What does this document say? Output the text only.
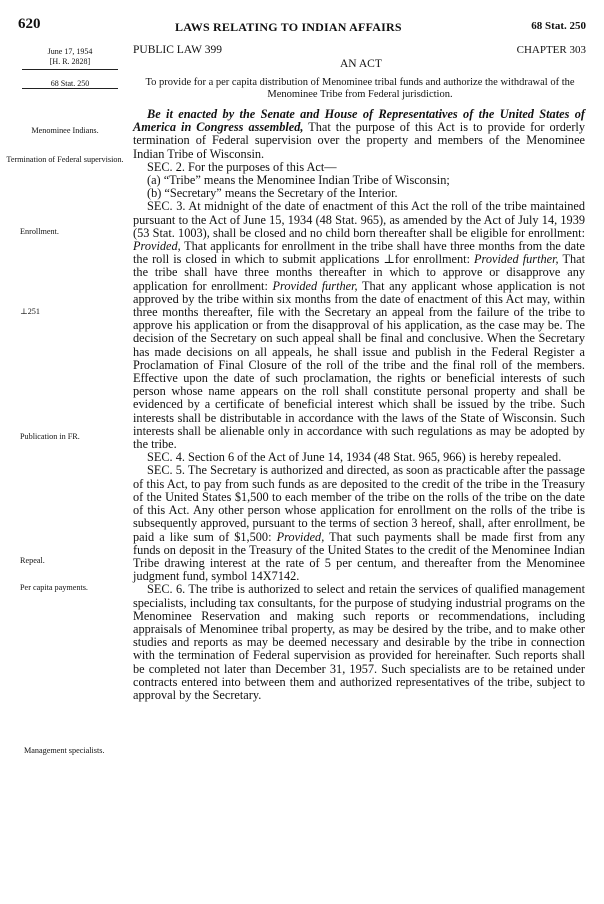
620	LAWS RELATING TO INDIAN AFFAIRS	68 Stat. 250
PUBLIC LAW 399	CHAPTER 303
AN ACT
June 17, 1954
[H. R. 2828]
68 Stat. 250	To provide for a per capita distribution of Menominee tribal funds and authorize the withdrawal of the Menominee Tribe from Federal jurisdiction.
Menominee Indians.
Termination of Federal supervision.
Enrollment.
⊥251
Publication in FR.
Repeal.
Per capita payments.
Management specialists.

Be it enacted by the Senate and House of Representatives of the United States of America in Congress assembled, That the purpose of this Act is to provide for orderly termination of Federal supervision over the property and members of the Menominee Indian Tribe of Wisconsin.

SEC. 2. For the purposes of this Act—

(a) “Tribe” means the Menominee Indian Tribe of Wisconsin;

(b) “Secretary” means the Secretary of the Interior.

SEC. 3. At midnight of the date of enactment of this Act the roll of the tribe maintained pursuant to the Act of June 15, 1934 (48 Stat. 965), as amended by the Act of July 14, 1939 (53 Stat. 1003), shall be closed and no child born thereafter shall be eligible for enrollment: Provided, That applicants for enrollment in the tribe shall have three months from the date the roll is closed in which to submit applications ⊥for enrollment: Provided further, That the tribe shall have three months thereafter in which to approve or disapprove any application for enrollment: Provided further, That any applicant whose application is not approved by the tribe within six months from the date of enactment of this Act may, within three months thereafter, file with the Secretary an appeal from the failure of the tribe to approve his application or from the disapproval of his application, as the case may be. The decision of the Secretary on such appeal shall be final and conclusive. When the Secretary has made decisions on all appeals, he shall issue and publish in the Federal Register a Proclamation of Final Closure of the roll of the tribe and the final roll of the members. Effective upon the date of such proclamation, the rights or beneficial interests of such person whose name appears on the roll shall constitute personal property and shall be evidenced by a certificate of beneficial interest which shall be issued by the tribe. Such interests shall be distributable in accordance with the laws of the State of Wisconsin. Such interests shall be alienable only in accordance with such regulations as may be adopted by the tribe.

SEC. 4. Section 6 of the Act of June 14, 1934 (48 Stat. 965, 966) is hereby repealed.

SEC. 5. The Secretary is authorized and directed, as soon as practicable after the passage of this Act, to pay from such funds as are deposited to the credit of the tribe in the Treasury of the United States $1,500 to each member of the tribe on the rolls of the tribe on the date of this Act. Any other person whose application for enrollment on the rolls of the tribe is subsequently approved, pursuant to the terms of section 3 hereof, shall, after enrollment, be paid a like sum of $1,500: Provided, That such payments shall be made first from any funds on deposit in the Treasury of the United States to the credit of the Menominee Indian Tribe drawing interest at the rate of 5 per centum, and thereafter from the Menominee judgment fund, symbol 14X7142.

SEC. 6. The tribe is authorized to select and retain the services of qualified management specialists, including tax consultants, for the purpose of studying industrial programs on the Menominee Reservation and making such reports or recommendations, including appraisals of Menominee tribal property, as may be desired by the tribe, and to make other studies and reports as may be deemed necessary and desirable by the tribe in connection with the termination of Federal supervision as provided for hereinafter. Such reports shall be completed not later than December 31, 1957. Such specialists are to be retained under contracts entered into between them and authorized representatives of the tribe, subject to approval by the Secretary.
